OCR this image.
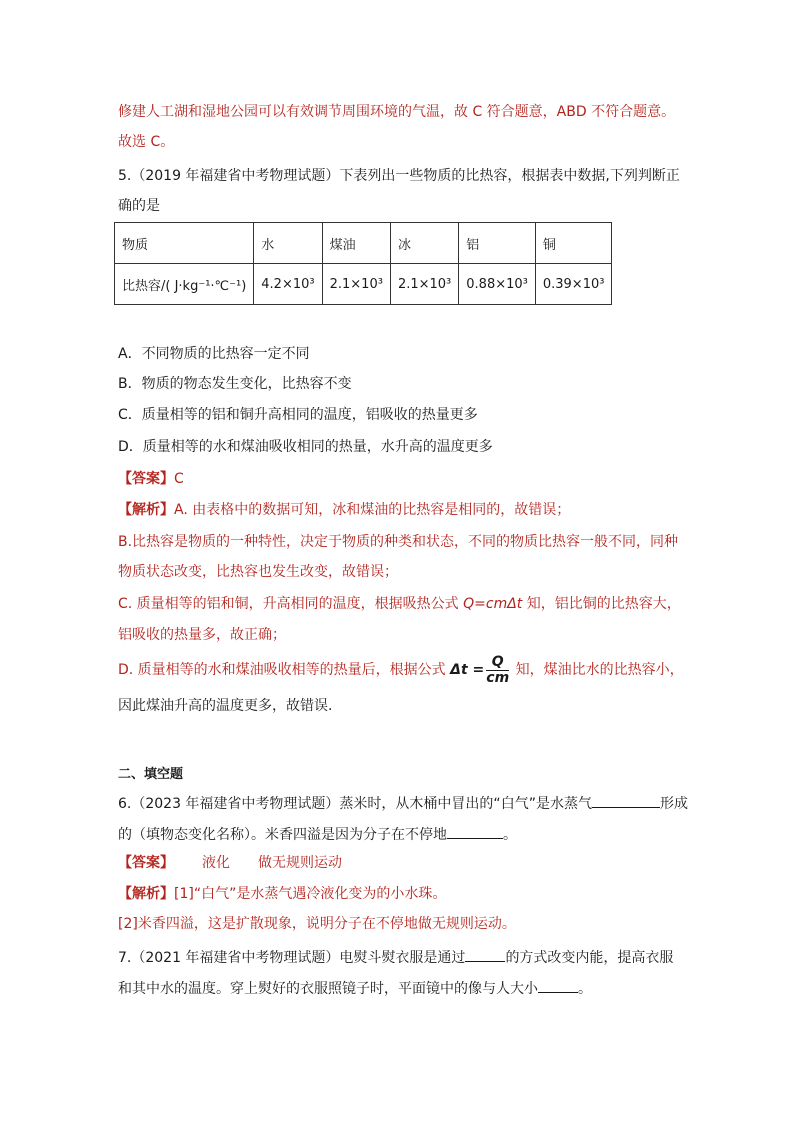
修建人工湖和湿地公园可以有效调节周围环境的气温，故 C 符合题意，ABD 不符合题意。
故选 C。
5.（2019 年福建省中考物理试题）下表列出一些物质的比热容，根据表中数据,下列判断正
确的是
物质	水	煤油	冰	铝	铜
比热容/( J·kg⁻¹·℃⁻¹)	4.2×10³	2.1×10³	2.1×10³	0.88×10³	0.39×10³
A．不同物质的比热容一定不同
B．物质的物态发生变化，比热容不变
C．质量相等的铝和铜升高相同的温度，铝吸收的热量更多
D．质量相等的水和煤油吸收相同的热量，水升高的温度更多
【答案】C
【解析】A. 由表格中的数据可知，冰和煤油的比热容是相同的，故错误；
B.比热容是物质的一种特性，决定于物质的种类和状态，不同的物质比热容一般不同，同种
物质状态改变，比热容也发生改变，故错误；
C. 质量相等的铝和铜，升高相同的温度，根据吸热公式 Q=cmΔt 知，铝比铜的比热容大，
铝吸收的热量多，故正确；
D. 质量相等的水和煤油吸收相等的热量后，根据公式 $\Delta t = \frac{Q}{cm}$ 知，煤油比水的比热容小，
因此煤油升高的温度更多，故错误.
二、填空题
6.（2023 年福建省中考物理试题）蒸米时，从木桶中冒出的“白气”是水蒸气	形成
的（填物态变化名称）。米香四溢是因为分子在不停地	。
【答案】 液化 做无规则运动
【解析】[1]“白气”是水蒸气遇冷液化变为的小水珠。
[2]米香四溢，这是扩散现象，说明分子在不停地做无规则运动。
7.（2021 年福建省中考物理试题）电熨斗熨衣服是通过	的方式改变内能，提高衣服
和其中水的温度。穿上熨好的衣服照镜子时，平面镜中的像与人大小	。
